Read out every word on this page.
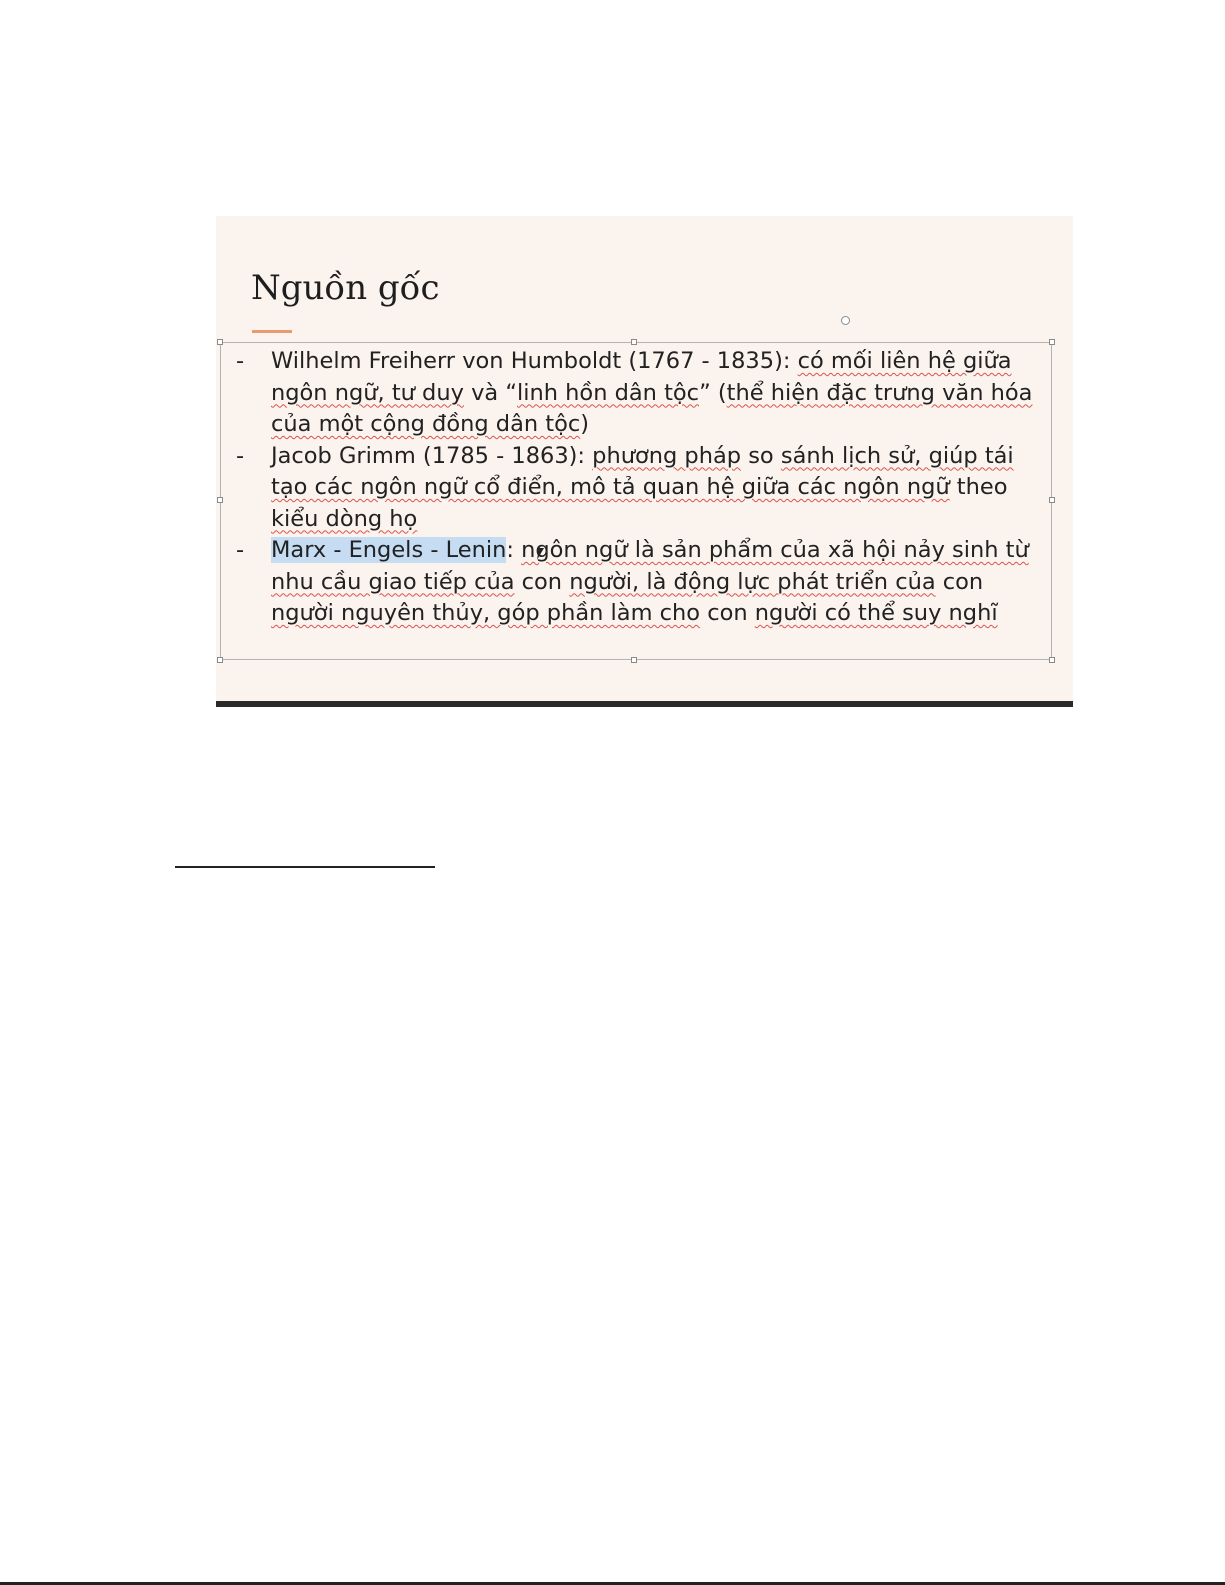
Nguồn gốc
- Wilhelm Freiherr von Humboldt (1767 - 1835): có mối liên hệ giữa ngôn ngữ, tư duy và “linh hồn dân tộc” (thể hiện đặc trưng văn hóa của một cộng đồng dân tộc)
- Jacob Grimm (1785 - 1863): phương pháp so sánh lịch sử, giúp tái tạo các ngôn ngữ cổ điển, mô tả quan hệ giữa các ngôn ngữ theo kiểu dòng họ
- Marx - Engels - Lenin: ngôn ngữ là sản phẩm của xã hội nảy sinh từ nhu cầu giao tiếp của con người, là động lực phát triển của con người nguyên thủy, góp phần làm cho con người có thể suy nghĩ
